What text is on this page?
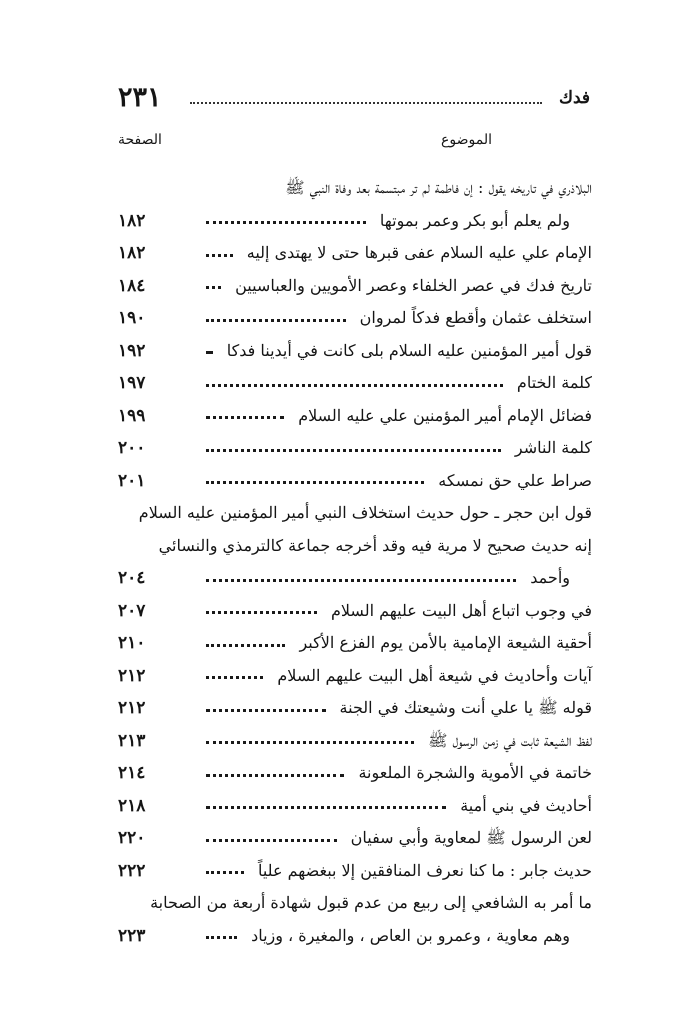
فدك
٢٣١
الموضوع
الصفحة
البلاذري في تاريخه يقول : إن فاطمة لم تر مبتسمة بعد وفاة النبي ﷺ
ولم يعلم أبو بكر وعمر بموتها
١٨٢
الإمام علي عليه السلام عفى قبرها حتى لا يهتدى إليه
١٨٢
تاريخ فدك في عصر الخلفاء وعصر الأمويين والعباسيين
١٨٤
استخلف عثمان وأقطع فدكاً لمروان
١٩٠
قول أمير المؤمنين عليه السلام بلى كانت في أيدينا فدكا
١٩٢
كلمة الختام
١٩٧
فضائل الإمام أمير المؤمنين علي عليه السلام
١٩٩
كلمة الناشر
٢٠٠
صراط علي حق نمسكه
٢٠١
قول ابن حجر ـ حول حديث استخلاف النبي أمير المؤمنين عليه السلام
إنه حديث صحيح لا مرية فيه وقد أخرجه جماعة كالترمذي والنسائي
وأحمد
٢٠٤
في وجوب اتباع أهل البيت عليهم السلام
٢٠٧
أحقية الشيعة الإمامية بالأمن يوم الفزع الأكبر
٢١٠
آيات وأحاديث في شيعة أهل البيت عليهم السلام
٢١٢
قوله ﷺ يا علي أنت وشيعتك في الجنة
٢١٢
لفظ الشيعة ثابت في زمن الرسول ﷺ
٢١٣
خاتمة في الأموية والشجرة الملعونة
٢١٤
أحاديث في بني أمية
٢١٨
لعن الرسول ﷺ لمعاوية وأبي سفيان
٢٢٠
حديث جابر : ما كنا نعرف المنافقين إلا ببغضهم علياً
٢٢٢
ما أمر به الشافعي إلى ربيع من عدم قبول شهادة أربعة من الصحابة
وهم معاوية ، وعمرو بن العاص ، والمغيرة ، وزياد
٢٢٣
